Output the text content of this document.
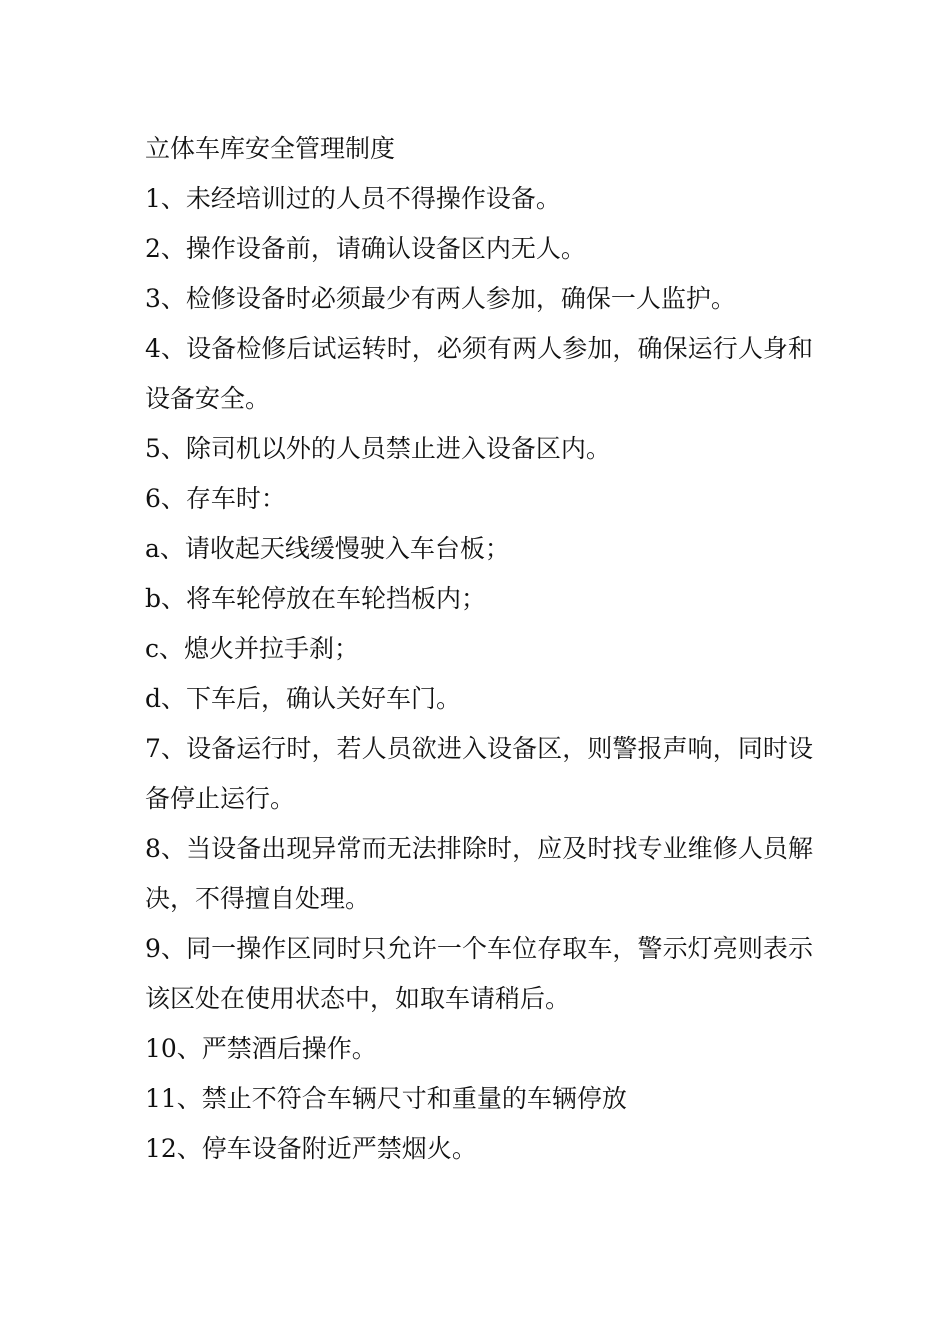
立体车库安全管理制度

1、未经培训过的人员不得操作设备。

2、操作设备前，请确认设备区内无人。

3、检修设备时必须最少有两人参加，确保一人监护。

4、设备检修后试运转时，必须有两人参加，确保运行人身和设备安全。

5、除司机以外的人员禁止进入设备区内。

6、存车时：

a、请收起天线缓慢驶入车台板；

b、将车轮停放在车轮挡板内；

c、熄火并拉手刹；

d、下车后，确认关好车门。

7、设备运行时，若人员欲进入设备区，则警报声响，同时设备停止运行。

8、当设备出现异常而无法排除时，应及时找专业维修人员解决，不得擅自处理。

9、同一操作区同时只允许一个车位存取车，警示灯亮则表示该区处在使用状态中，如取车请稍后。

10、严禁酒后操作。

11、禁止不符合车辆尺寸和重量的车辆停放

12、停车设备附近严禁烟火。
